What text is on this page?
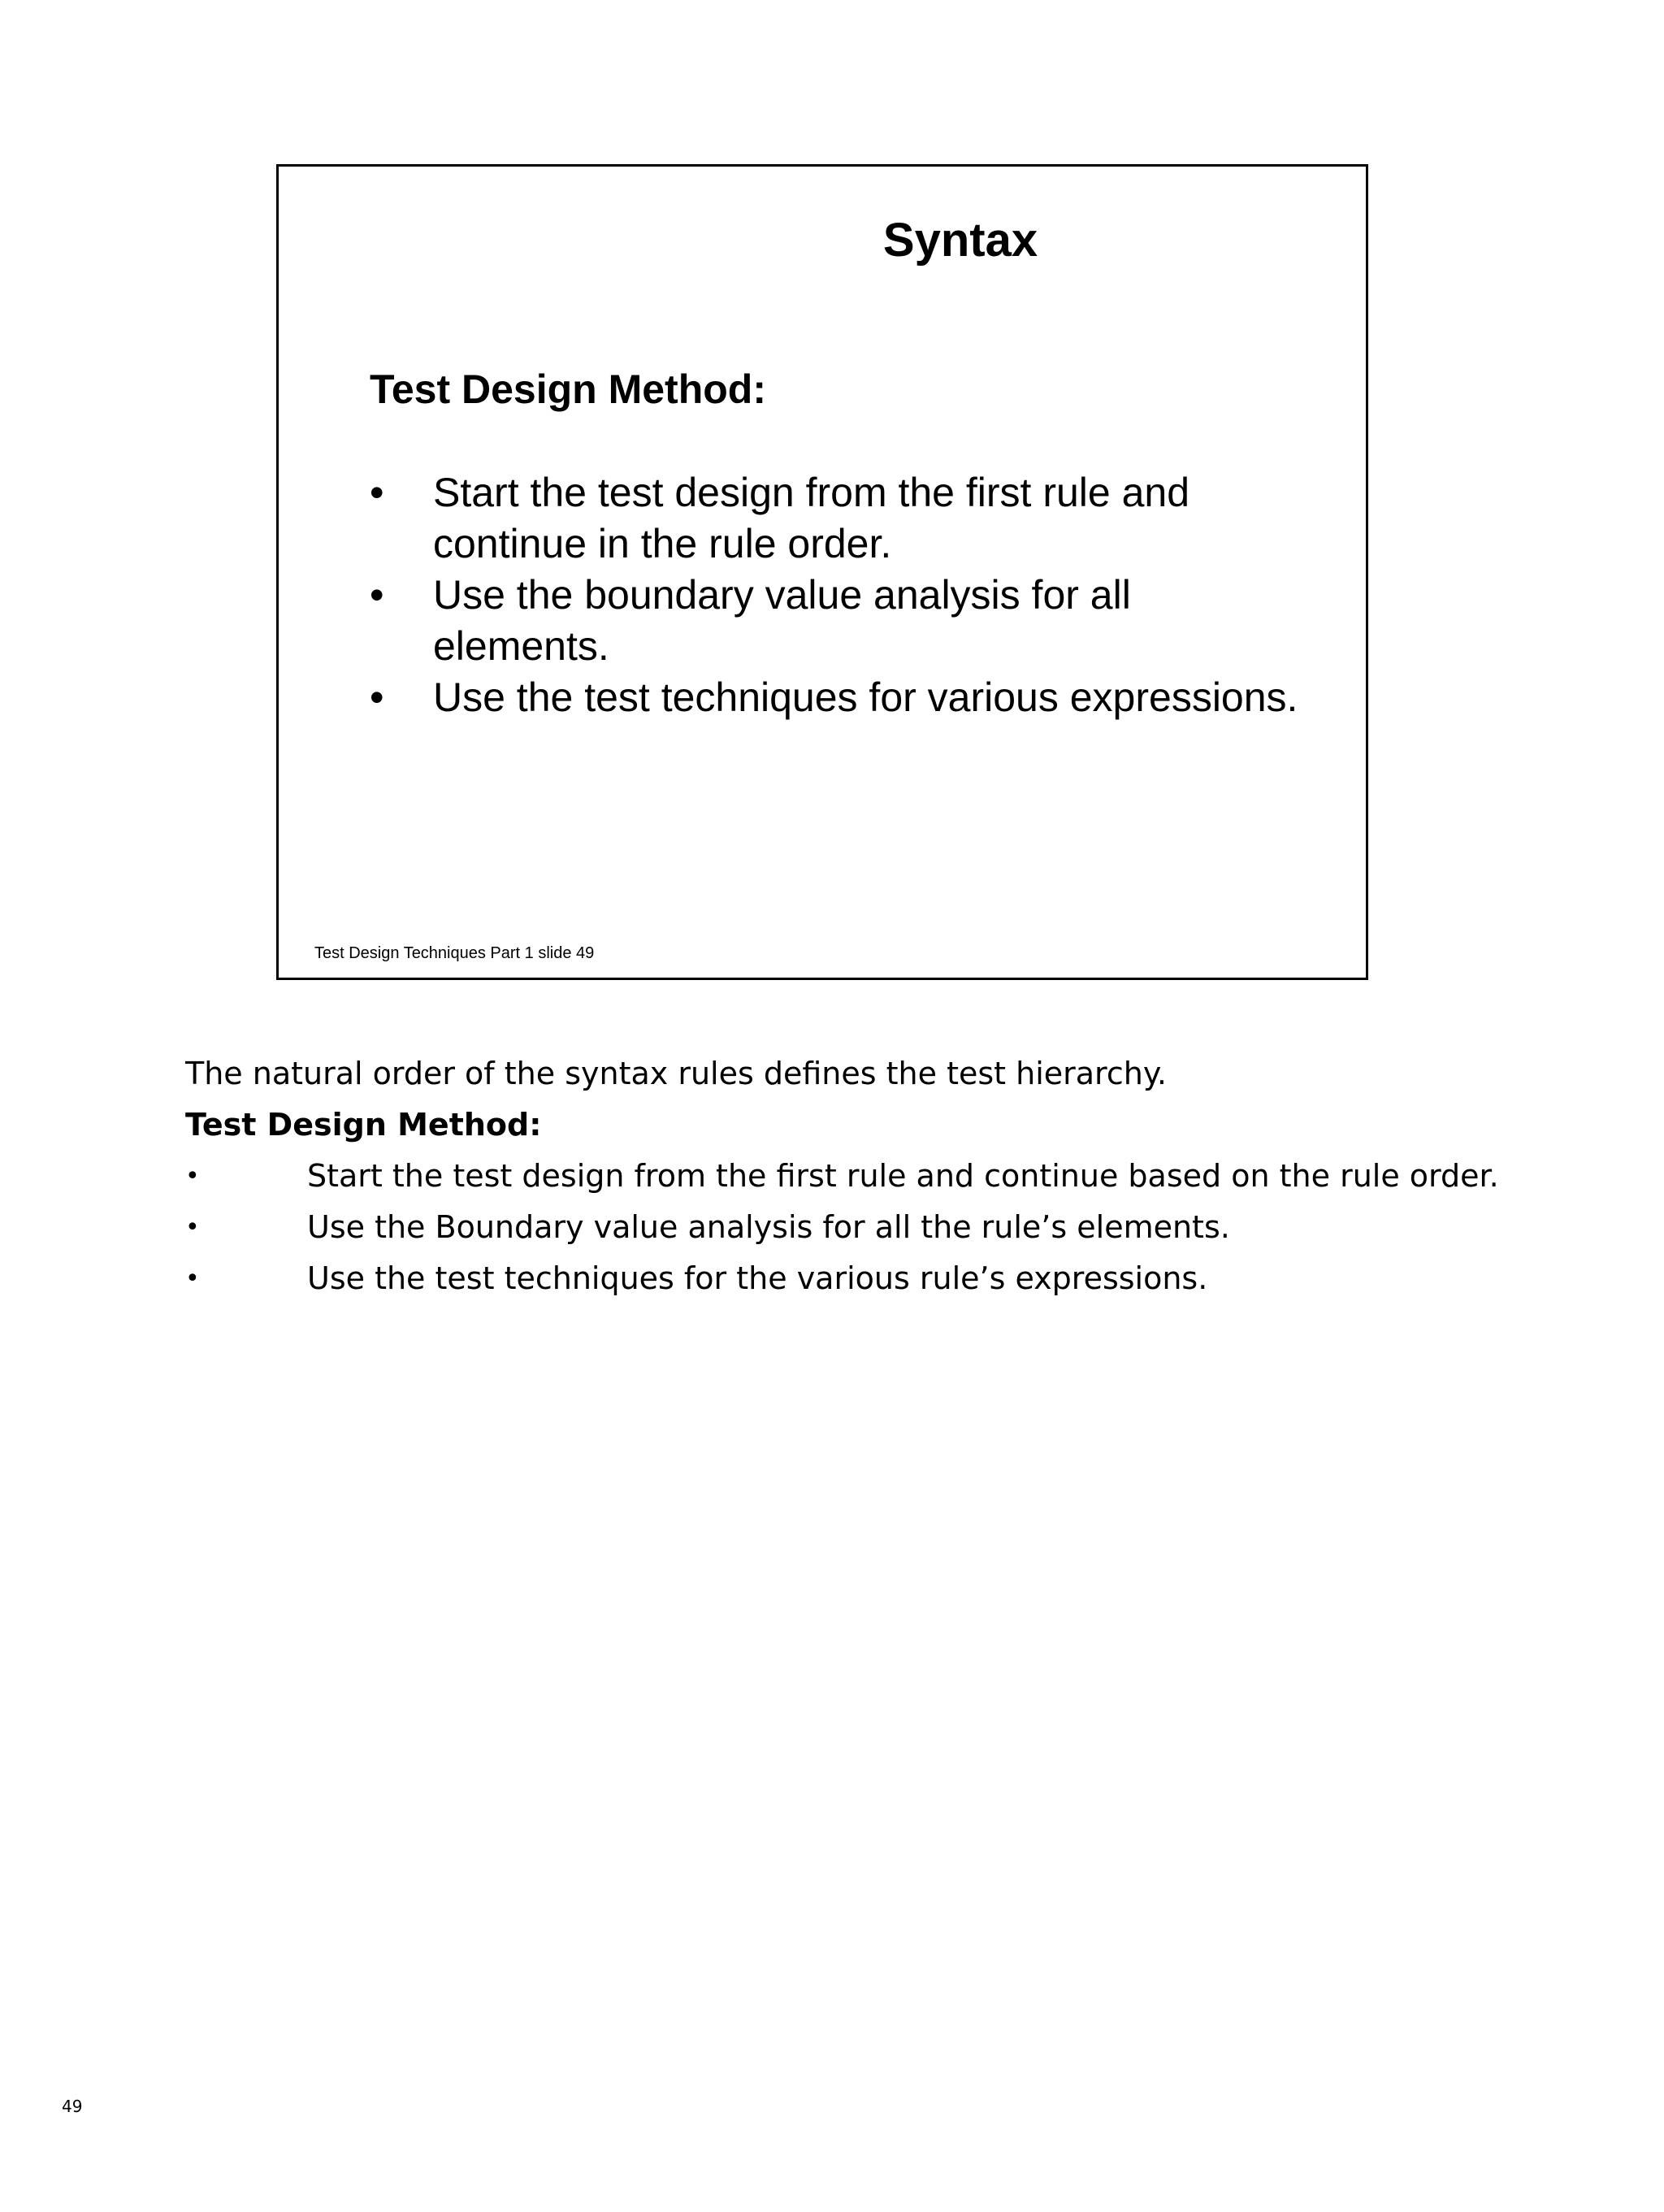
Syntax
Test Design Method:
•	Start the test design from the first rule and continue in the rule order.
•	Use the boundary value analysis for all elements.
•	Use the test techniques for various expressions.
Test Design Techniques Part 1 slide 49

The natural order of the syntax rules defines the test hierarchy.

Test Design Method:

•	Start the test design from the first rule and continue based on the rule order.
•	Use the Boundary value analysis for all the rule’s elements.
•	Use the test techniques for the various rule’s expressions.
49
